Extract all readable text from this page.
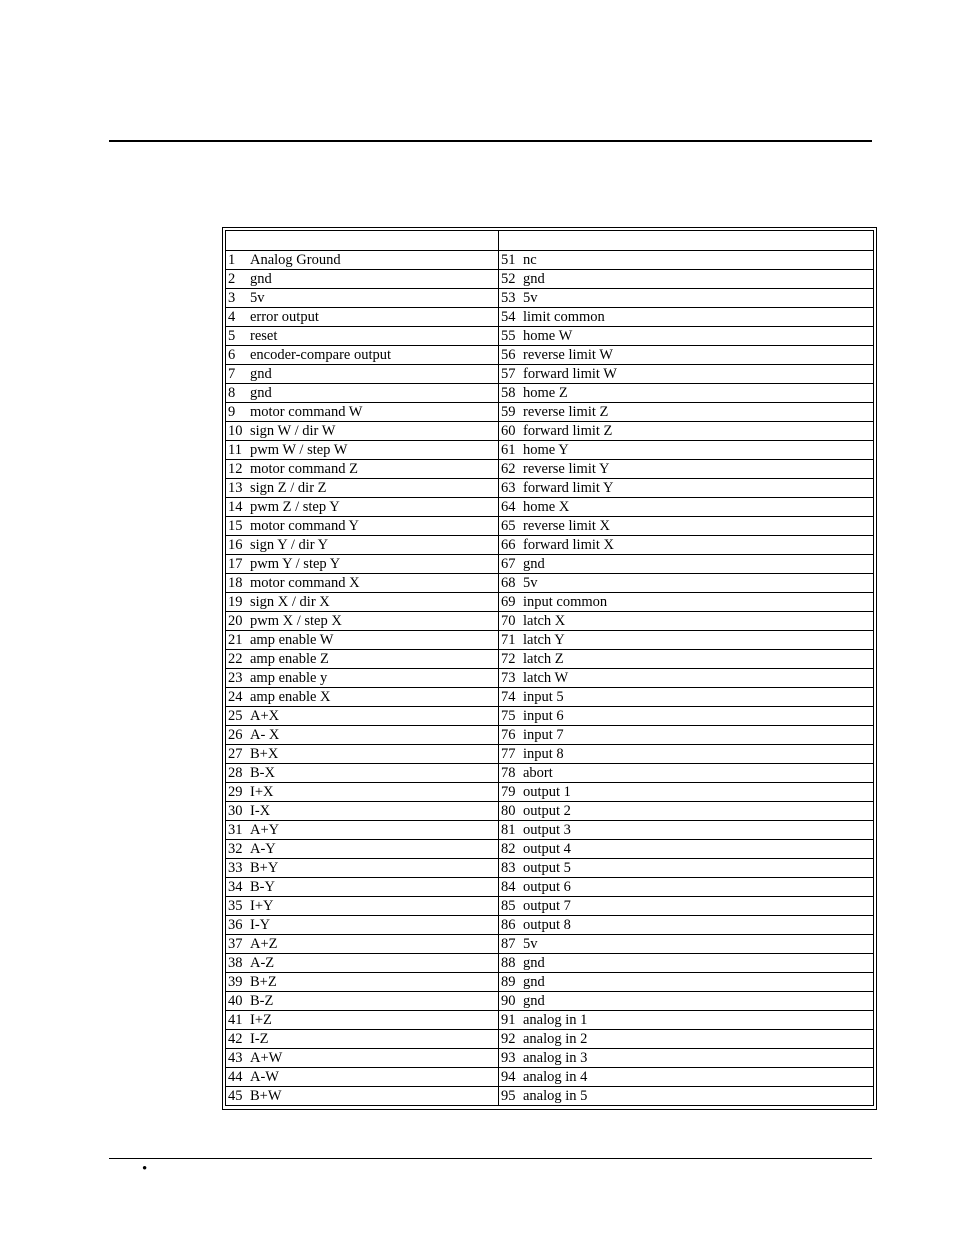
1 Analog Ground	51 nc
2 gnd	52 gnd
3 5v	53 5v
4 error output	54 limit common
5 reset	55 home W
6 encoder-compare output	56 reverse limit W
7 gnd	57 forward limit W
8 gnd	58 home Z
9 motor command W	59 reverse limit Z
10 sign W / dir W	60 forward limit Z
11 pwm W / step W	61 home Y
12 motor command Z	62 reverse limit Y
13 sign Z / dir Z	63 forward limit Y
14 pwm Z / step Y	64 home X
15 motor command Y	65 reverse limit X
16 sign Y / dir Y	66 forward limit X
17 pwm Y / step Y	67 gnd
18 motor command X	68 5v
19 sign X / dir X	69 input common
20 pwm X / step X	70 latch X
21 amp enable W	71 latch Y
22 amp enable Z	72 latch Z
23 amp enable y	73 latch W
24 amp enable X	74 input 5
25 A+X	75 input 6
26 A- X	76 input 7
27 B+X	77 input 8
28 B-X	78 abort
29 I+X	79 output 1
30 I-X	80 output 2
31 A+Y	81 output 3
32 A-Y	82 output 4
33 B+Y	83 output 5
34 B-Y	84 output 6
35 I+Y	85 output 7
36 I-Y	86 output 8
37 A+Z	87 5v
38 A-Z	88 gnd
39 B+Z	89 gnd
40 B-Z	90 gnd
41 I+Z	91 analog in 1
42 I-Z	92 analog in 2
43 A+W	93 analog in 3
44 A-W	94 analog in 4
45 B+W	95 analog in 5
•
